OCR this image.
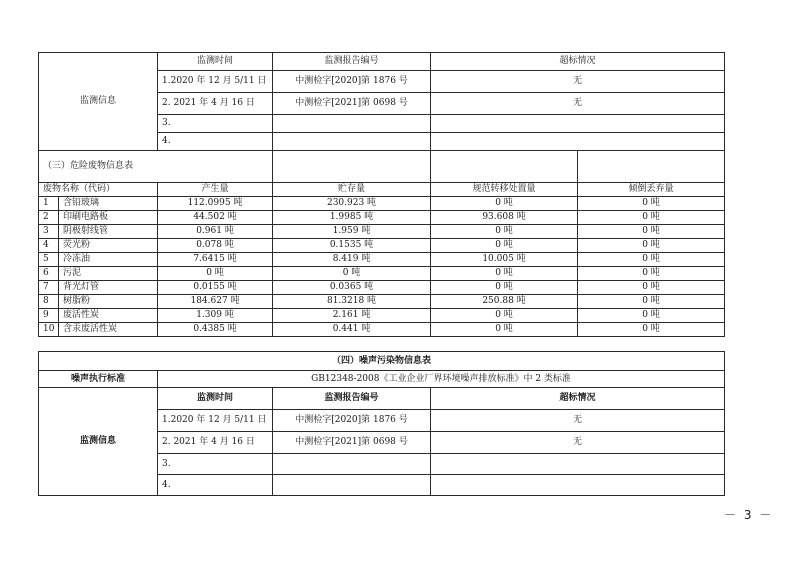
监测信息		监测时间	监测报告编号	超标情况	
		1.2020 年 12 月 5/11 日	中测检字[2020]第 1876 号	无	
		2. 2021 年 4 月 16 日	中测检字[2021]第 0698 号	无	
		3.			
		4.			
（三）危险废物信息表					
废物名称（代码）		产生量	贮存量	规范转移处置量	倾倒丢弃量
1	含铅玻璃	112.0995 吨	230.923 吨	0 吨	0 吨
2	印刷电路板	44.502 吨	1.9985 吨	93.608 吨	0 吨
3	阴极射线管	0.961 吨	1.959 吨	0 吨	0 吨
4	荧光粉	0.078 吨	0.1535 吨	0 吨	0 吨
5	冷冻油	7.6415 吨	8.419 吨	10.005 吨	0 吨
6	污泥	0 吨	0 吨	0 吨	0 吨
7	背光灯管	0.0155 吨	0.0365 吨	0 吨	0 吨
8	树脂粉	184.627 吨	81.3218 吨	250.88 吨	0 吨
9	废活性炭	1.309 吨	2.161 吨	0 吨	0 吨
10	含汞废活性炭	0.4385 吨	0.441 吨	0 吨	0 吨
（四）噪声污染物信息表			
噪声执行标准	GB12348-2008《工业企业厂界环境噪声排放标准》中 2 类标准		
监测信息	监测时间	监测报告编号	超标情况
	1.2020 年 12 月 5/11 日	中测检字[2020]第 1876 号	无
	2. 2021 年 4 月 16 日	中测检字[2021]第 0698 号	无
	3.		
	4.		
－ 3 －
